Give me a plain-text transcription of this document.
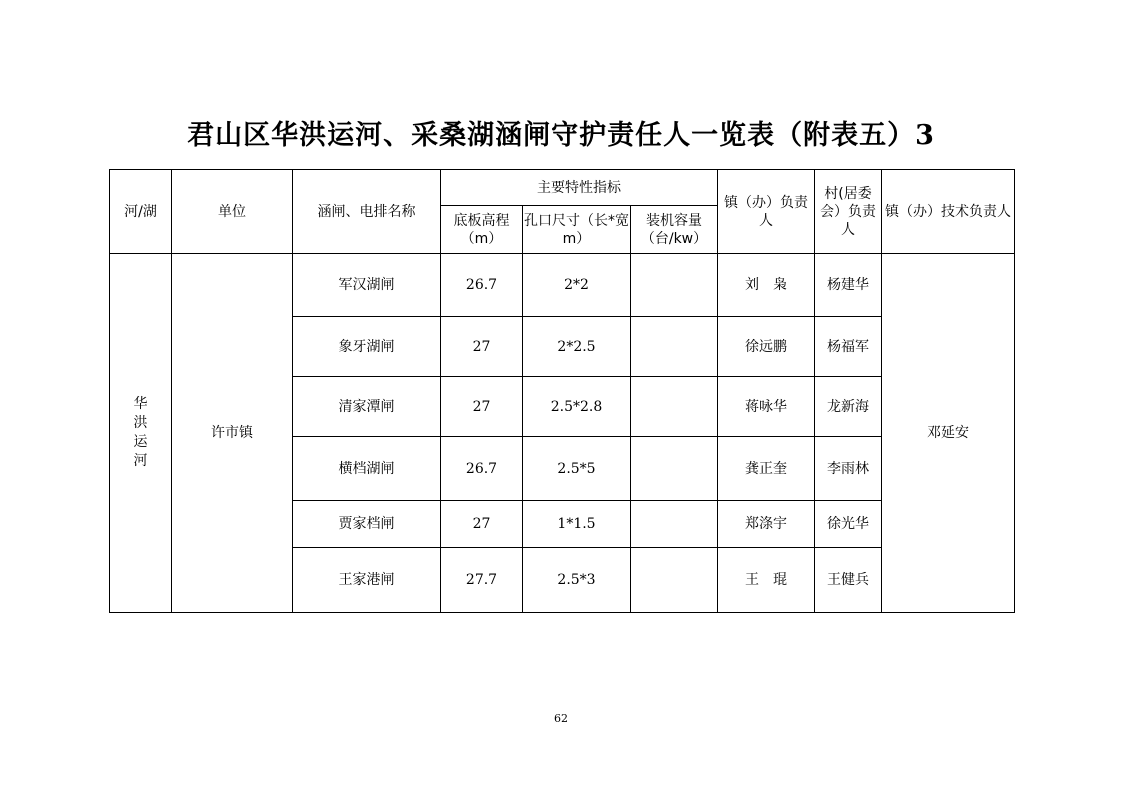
君山区华洪运河、采桑湖涵闸守护责任人一览表（附表五）3
河/湖	单位	涵闸、电排名称	主要特性指标			镇（办）负责人	村(居委会）负责人	镇（办）技术负责人
			底板高程（m）	孔口尺寸（长*宽 m）	装机容量（台/kw）			
华洪运河	许市镇	军汉湖闸	26.7	2*2		刘枭	杨建华	邓延安
		象牙湖闸	27	2*2.5		徐远鹏	杨福军	
		清家潭闸	27	2.5*2.8		蒋咏华	龙新海	
		横档湖闸	26.7	2.5*5		龚正奎	李雨林	
		贾家档闸	27	1*1.5		郑涤宇	徐光华	
		王家港闸	27.7	2.5*3		王琨	王健兵	
62
